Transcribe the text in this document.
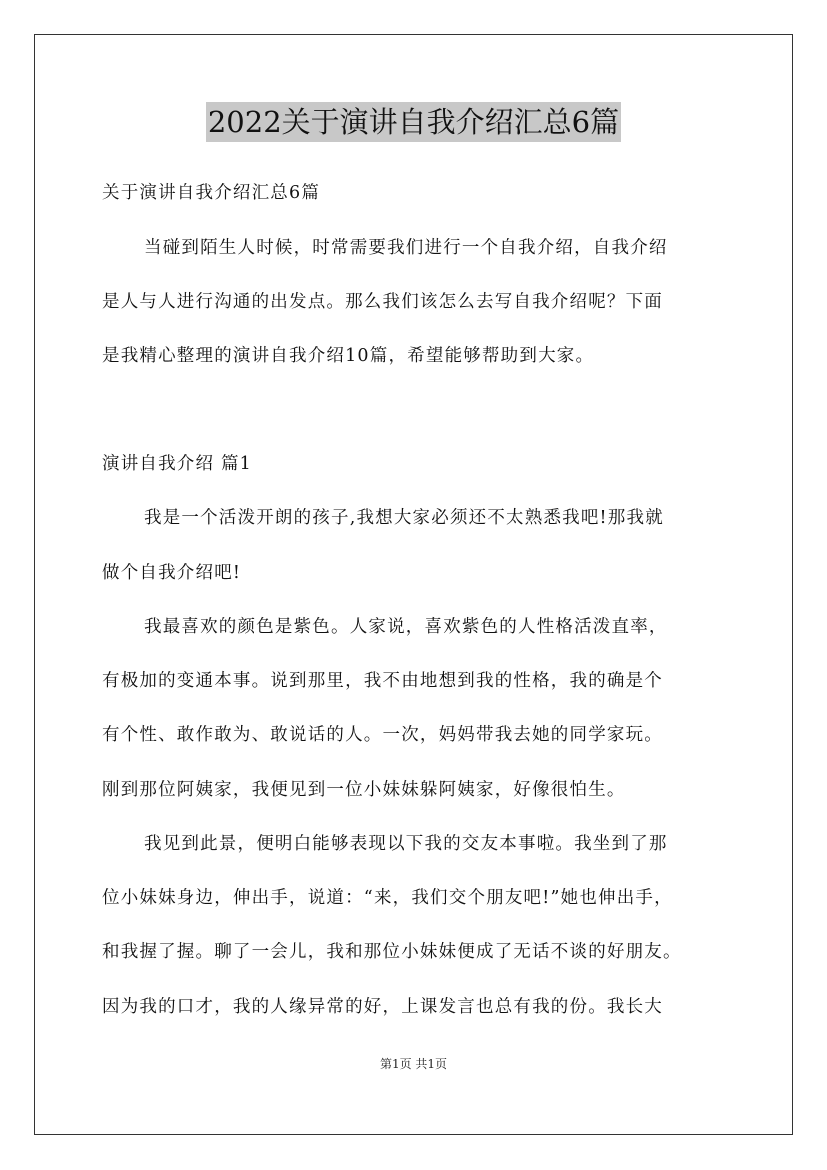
2022关于演讲自我介绍汇总6篇
关于演讲自我介绍汇总6篇
当碰到陌生人时候，时常需要我们进行一个自我介绍，自我介绍
是人与人进行沟通的出发点。那么我们该怎么去写自我介绍呢？下面
是我精心整理的演讲自我介绍10篇，希望能够帮助到大家。
演讲自我介绍 篇1
我是一个活泼开朗的孩子,我想大家必须还不太熟悉我吧!那我就
做个自我介绍吧!
我最喜欢的颜色是紫色。人家说，喜欢紫色的人性格活泼直率，
有极加的变通本事。说到那里，我不由地想到我的性格，我的确是个
有个性、敢作敢为、敢说话的人。一次，妈妈带我去她的同学家玩。
刚到那位阿姨家，我便见到一位小妹妹躲阿姨家，好像很怕生。
我见到此景，便明白能够表现以下我的交友本事啦。我坐到了那
位小妹妹身边，伸出手，说道：“来，我们交个朋友吧!”她也伸出手，
和我握了握。聊了一会儿，我和那位小妹妹便成了无话不谈的好朋友。
因为我的口才，我的人缘异常的好，上课发言也总有我的份。我长大
第1页 共1页
